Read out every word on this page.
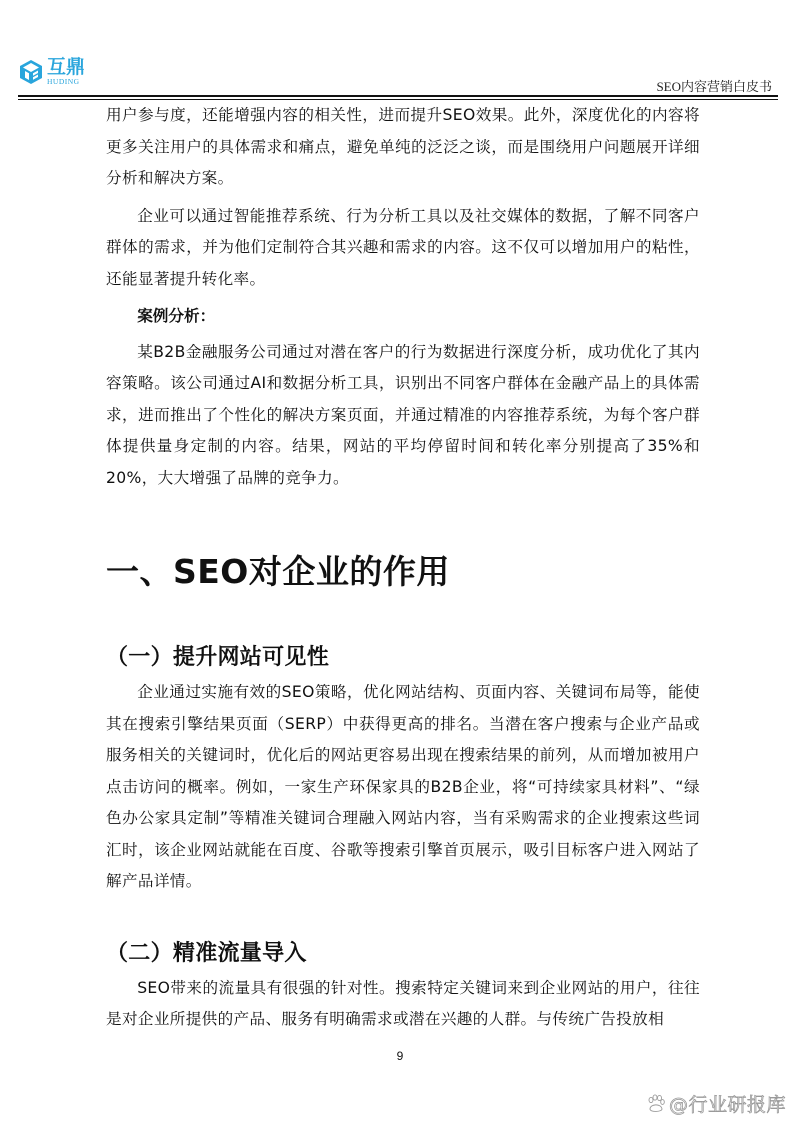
互鼎
HUDING	SEO内容营销白皮书

用户参与度，还能增强内容的相关性，进而提升SEO效果。此外，深度优化的内容将更多关注用户的具体需求和痛点，避免单纯的泛泛之谈，而是围绕用户问题展开详细分析和解决方案。

企业可以通过智能推荐系统、行为分析工具以及社交媒体的数据，了解不同客户群体的需求，并为他们定制符合其兴趣和需求的内容。这不仅可以增加用户的粘性，还能显著提升转化率。

案例分析：

某B2B金融服务公司通过对潜在客户的行为数据进行深度分析，成功优化了其内容策略。该公司通过AI和数据分析工具，识别出不同客户群体在金融产品上的具体需求，进而推出了个性化的解决方案页面，并通过精准的内容推荐系统，为每个客户群体提供量身定制的内容。结果，网站的平均停留时间和转化率分别提高了35%和20%，大大增强了品牌的竞争力。

一、SEO对企业的作用
（一）提升网站可见性

企业通过实施有效的SEO策略，优化网站结构、页面内容、关键词布局等，能使其在搜索引擎结果页面（SERP）中获得更高的排名。当潜在客户搜索与企业产品或服务相关的关键词时，优化后的网站更容易出现在搜索结果的前列，从而增加被用户点击访问的概率。例如，一家生产环保家具的B2B企业，将“可持续家具材料”、“绿色办公家具定制”等精准关键词合理融入网站内容，当有采购需求的企业搜索这些词汇时，该企业网站就能在百度、谷歌等搜索引擎首页展示，吸引目标客户进入网站了解产品详情。

（二）精准流量导入

SEO带来的流量具有很强的针对性。搜索特定关键词来到企业网站的用户，往往是对企业所提供的产品、服务有明确需求或潜在兴趣的人群。与传统广告投放相

9
@行业研报库
